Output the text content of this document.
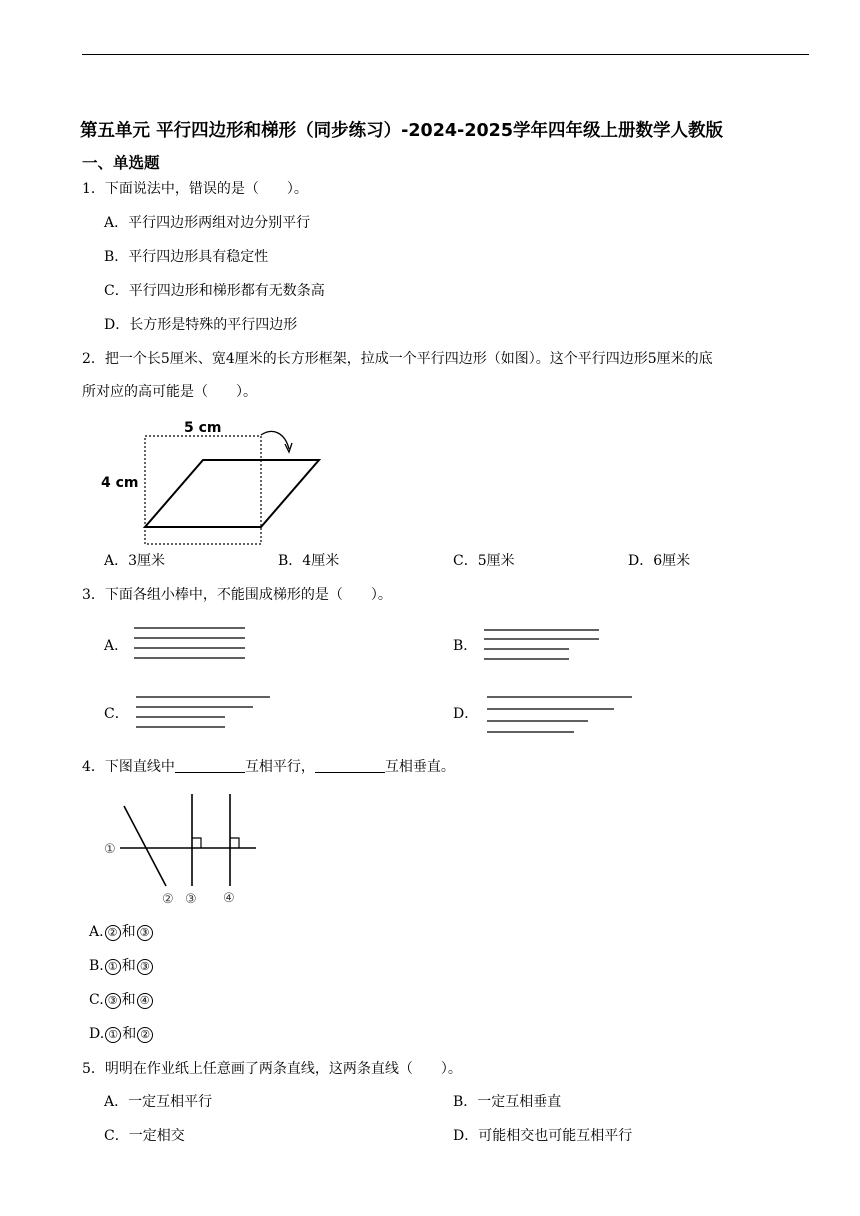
第五单元 平行四边形和梯形（同步练习）-2024-2025学年四年级上册数学人教版
一、单选题
1．下面说法中，错误的是（　　）。
A．平行四边形两组对边分别平行
B．平行四边形具有稳定性
C．平行四边形和梯形都有无数条高
D．长方形是特殊的平行四边形
2．把一个长5厘米、宽4厘米的长方形框架，拉成一个平行四边形（如图）。这个平行四边形5厘米的底
所对应的高可能是（　　）。
5 cm
4 cm
A．3厘米	B．4厘米	C．5厘米	D．6厘米
3．下面各组小棒中，不能围成梯形的是（　　）。
A．	B．
C．	D．
4．下图直线中	互相平行，	互相垂直。
①
② ③ ④
A. ② 和 ③
B. ① 和 ③
C. ③ 和 ④
D. ① 和 ②
5．明明在作业纸上任意画了两条直线，这两条直线（　　）。
A．一定互相平行	B．一定互相垂直
C．一定相交	D．可能相交也可能互相平行
